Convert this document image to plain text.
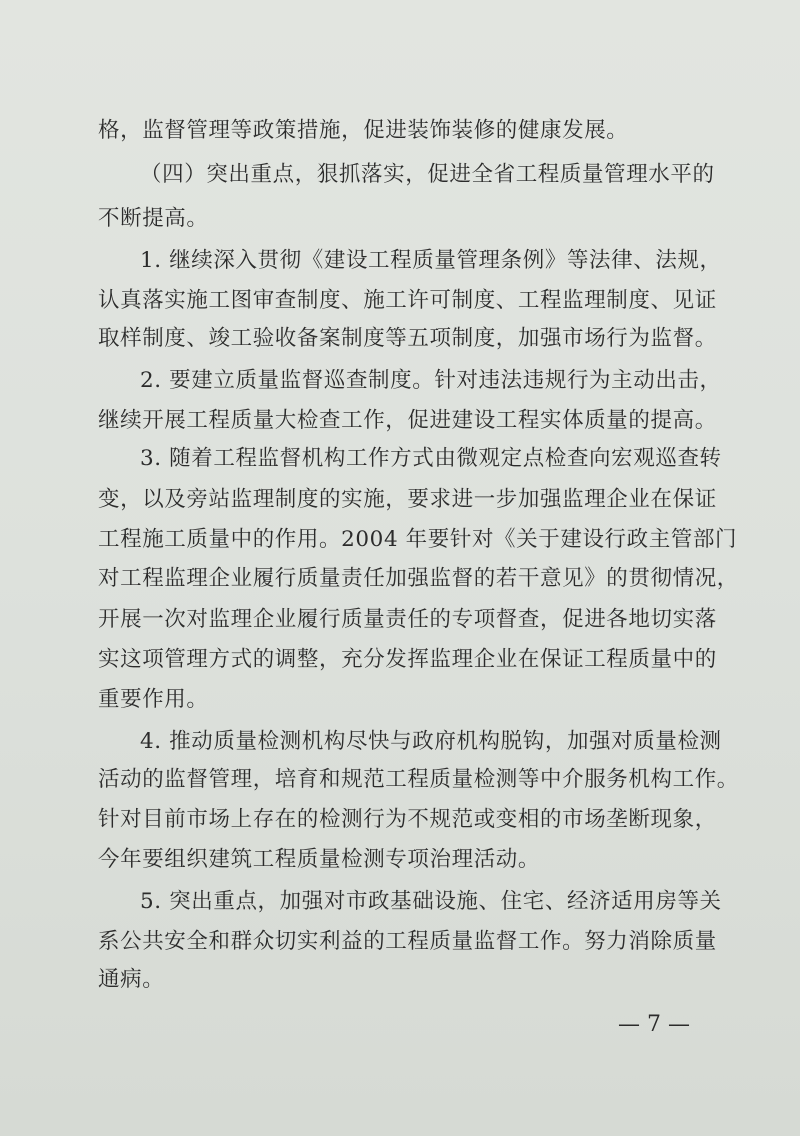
格，监督管理等政策措施，促进装饰装修的健康发展。
（四）突出重点，狠抓落实，促进全省工程质量管理水平的
不断提高。
1. 继续深入贯彻《建设工程质量管理条例》等法律、法规，
认真落实施工图审查制度、施工许可制度、工程监理制度、见证
取样制度、竣工验收备案制度等五项制度，加强市场行为监督。
2. 要建立质量监督巡查制度。针对违法违规行为主动出击，
继续开展工程质量大检查工作，促进建设工程实体质量的提高。
3. 随着工程监督机构工作方式由微观定点检查向宏观巡查转
变，以及旁站监理制度的实施，要求进一步加强监理企业在保证
工程施工质量中的作用。2004 年要针对《关于建设行政主管部门
对工程监理企业履行质量责任加强监督的若干意见》的贯彻情况，
开展一次对监理企业履行质量责任的专项督查，促进各地切实落
实这项管理方式的调整，充分发挥监理企业在保证工程质量中的
重要作用。
4. 推动质量检测机构尽快与政府机构脱钩，加强对质量检测
活动的监督管理，培育和规范工程质量检测等中介服务机构工作。
针对目前市场上存在的检测行为不规范或变相的市场垄断现象，
今年要组织建筑工程质量检测专项治理活动。
5. 突出重点，加强对市政基础设施、住宅、经济适用房等关
系公共安全和群众切实利益的工程质量监督工作。努力消除质量
通病。
— 7 —
